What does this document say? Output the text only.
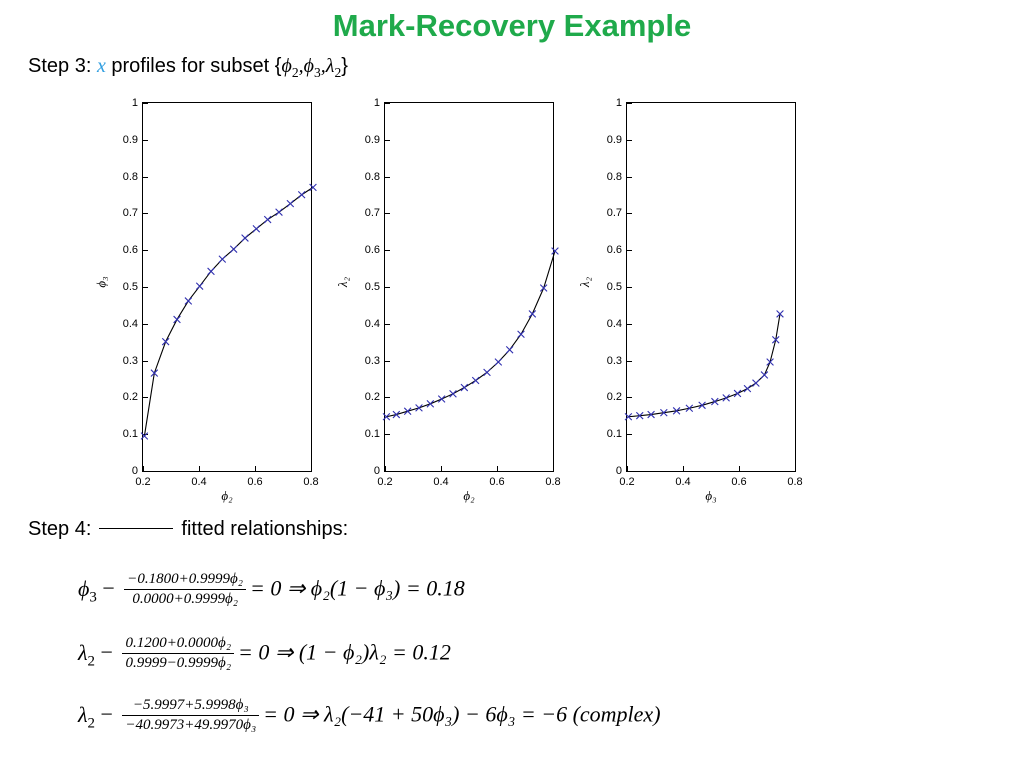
Mark-Recovery Example
Step 3: x profiles for subset $\{\phi_2,\phi_3,\lambda_2\}$
ϕ₃
1
0.9
0.8
0.7
0.6
0.5
0.4
0.3
0.2
0.1
0
0.2	0.4	0.6	0.8
ϕ₂
λ₂
1
0.9
0.8
0.7
0.6
0.5
0.4
0.3
0.2
0.1
0
0.2	0.4	0.6	0.8
ϕ₂
λ₂
1
0.9
0.8
0.7
0.6
0.5
0.4
0.3
0.2
0.1
0
0.2	0.4	0.6	0.8
ϕ₃
Step 4:	fitted relationships:
$\phi_3 - \frac{\text{−0.1800+0.9999ϕ₂}}{\text{0.0000+0.9999ϕ₂}} = 0$ ⇒ ϕ₂(1 − ϕ₃) = 0.18
$\lambda_2 - \frac{\text{0.1200+0.0000ϕ₂}}{\text{0.9999−0.9999ϕ₂}} = 0$ ⇒ (1 − ϕ₂)λ₂ = 0.12
$\lambda_2 - \frac{\text{−5.9997+5.9998ϕ₃}}{\text{−40.9973+49.9970ϕ₃}} = 0$ ⇒ λ₂(−41 + 50ϕ₃) − 6ϕ₃ = −6 (complex)
